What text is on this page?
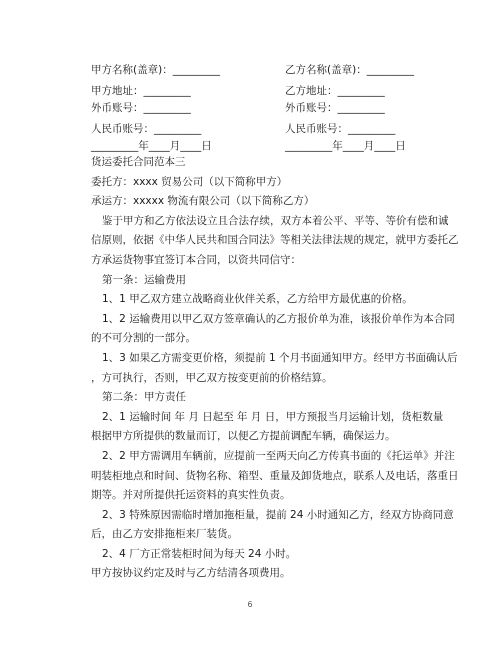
甲方名称(盖章)：_________	乙方名称(盖章)：_________
甲方地址：_________	乙方地址：_________
外币账号：_________	外币账号：_________
人民币账号：_________	人民币账号：_________
_________年____月____日	_________年____月____日
货运委托合同范本三
委托方：xxxx 贸易公司（以下简称甲方）
承运方：xxxxx 物流有限公司（以下简称乙方）
鉴于甲方和乙方依法设立且合法存续，双方本着公平、平等、等价有偿和诚
信原则，依据《中华人民共和国合同法》等相关法律法规的规定，就甲方委托乙
方承运货物事宜签订本合同，以资共同信守：
第一条：运输费用
1、1 甲乙双方建立战略商业伙伴关系，乙方给甲方最优惠的价格。
1、2 运输费用以甲乙双方签章确认的乙方报价单为准，该报价单作为本合同
的不可分割的一部分。
1、3 如果乙方需变更价格，须提前 1 个月书面通知甲方。经甲方书面确认后
，方可执行，否则，甲乙双方按变更前的价格结算。
第二条：甲方责任
2、1 运输时间 年 月 日起至 年 月 日，甲方预报当月运输计划，货柜数量
根据甲方所提供的数量而订，以便乙方提前调配车辆，确保运力。
2、2 甲方需调用车辆前，应提前一至两天向乙方传真书面的《托运单》并注
明装柜地点和时间、货物名称、箱型、重量及卸货地点，联系人及电话，落重日
期等。并对所提供托运资料的真实性负责。
2、3 特殊原因需临时增加拖柜量，提前 24 小时通知乙方，经双方协商同意
后，由乙方安排拖柜来厂装货。
2、4 厂方正常装柜时间为每天 24 小时。
甲方按协议约定及时与乙方结清各项费用。
6
